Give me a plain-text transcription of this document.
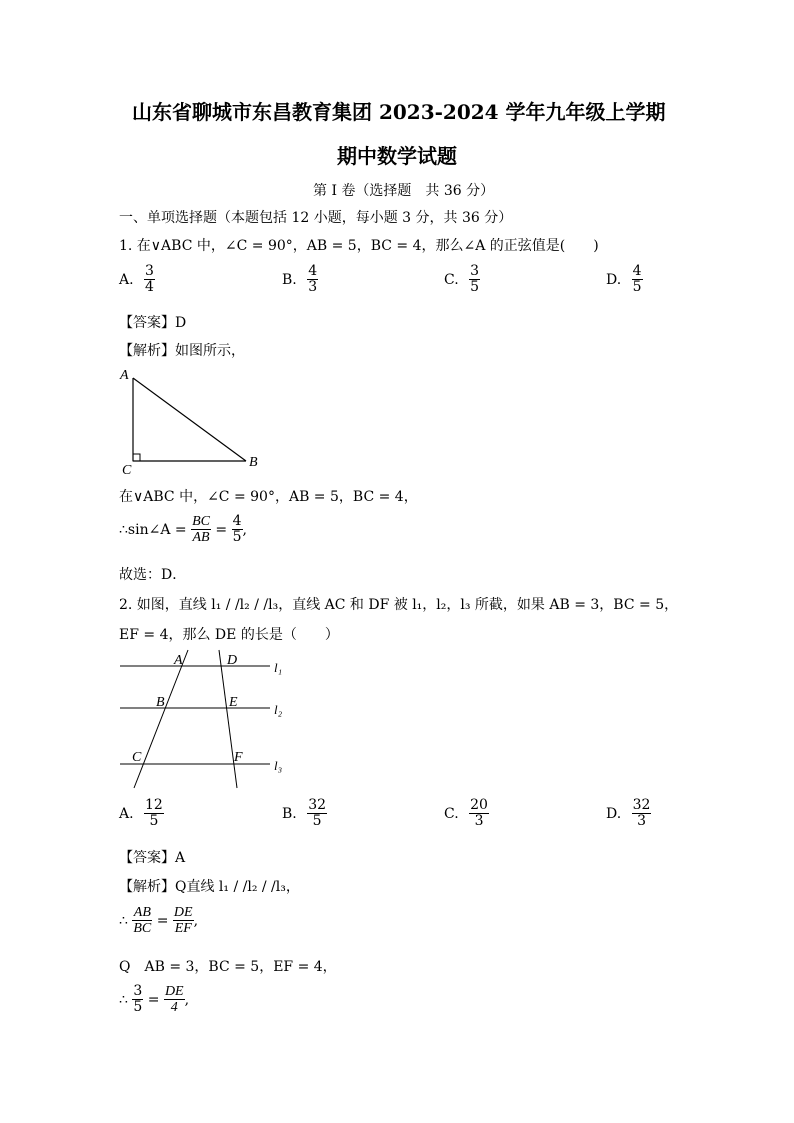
山东省聊城市东昌教育集团 2023-2024 学年九年级上学期
期中数学试题
第 I 卷（选择题　共 36 分）
一、单项选择题（本题包括 12 小题，每小题 3 分，共 36 分）
1. 在∨ABC 中，∠C = 90°，AB = 5，BC = 4，那么∠A 的正弦值是(　　)
A. $\frac{3}{4}$	B. $\frac{4}{3}$	C. $\frac{3}{5}$	D. $\frac{4}{5}$
【答案】D
【解析】如图所示，
A
C
B
在∨ABC 中，∠C = 90°，AB = 5，BC = 4，
∴sin∠A = $\frac{BC}{AB} = \frac{4}{5}$ ,
故选：D．
2. 如图，直线 l₁ / /l₂ / /l₃，直线 AC 和 DF 被 l₁，l₂，l₃ 所截，如果 AB = 3，BC = 5，
EF = 4，那么 DE 的长是（　　）
A	D
B	E
C	F
l₁
l₂
l₃
A. $\frac{12}{5}$	B. $\frac{32}{5}$	C. $\frac{20}{3}$	D. $\frac{32}{3}$
【答案】A
【解析】Q直线 l₁ / /l₂ / /l₃，
∴ $\frac{AB}{BC} = \frac{DE}{EF}$ ,
Q　AB = 3，BC = 5，EF = 4，
∴ $\frac{3}{5} = \frac{DE}{4}$ ,
